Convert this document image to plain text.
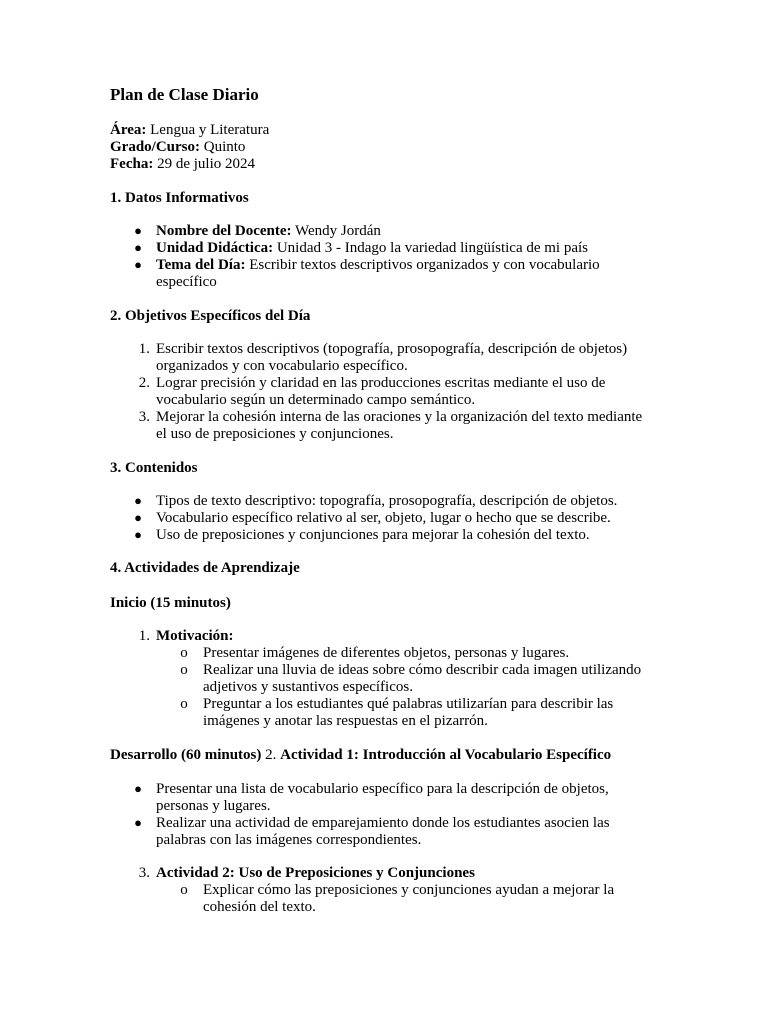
Plan de Clase Diario
Área: Lengua y Literatura
Grado/Curso: Quinto
Fecha: 29 de julio 2024
1. Datos Informativos
● Nombre del Docente: Wendy Jordán
● Unidad Didáctica: Unidad 3 - Indago la variedad lingüística de mi país
● Tema del Día: Escribir textos descriptivos organizados y con vocabulario
específico
2. Objetivos Específicos del Día
1. Escribir textos descriptivos (topografía, prosopografía, descripción de objetos)
organizados y con vocabulario específico.
2. Lograr precisión y claridad en las producciones escritas mediante el uso de
vocabulario según un determinado campo semántico.
3. Mejorar la cohesión interna de las oraciones y la organización del texto mediante
el uso de preposiciones y conjunciones.
3. Contenidos
● Tipos de texto descriptivo: topografía, prosopografía, descripción de objetos.
● Vocabulario específico relativo al ser, objeto, lugar o hecho que se describe.
● Uso de preposiciones y conjunciones para mejorar la cohesión del texto.
4. Actividades de Aprendizaje
Inicio (15 minutos)
1. Motivación:
o Presentar imágenes de diferentes objetos, personas y lugares.
o Realizar una lluvia de ideas sobre cómo describir cada imagen utilizando
adjetivos y sustantivos específicos.
o Preguntar a los estudiantes qué palabras utilizarían para describir las
imágenes y anotar las respuestas en el pizarrón.
Desarrollo (60 minutos) 2. Actividad 1: Introducción al Vocabulario Específico
● Presentar una lista de vocabulario específico para la descripción de objetos,
personas y lugares.
● Realizar una actividad de emparejamiento donde los estudiantes asocien las
palabras con las imágenes correspondientes.
3. Actividad 2: Uso de Preposiciones y Conjunciones
o Explicar cómo las preposiciones y conjunciones ayudan a mejorar la
cohesión del texto.
